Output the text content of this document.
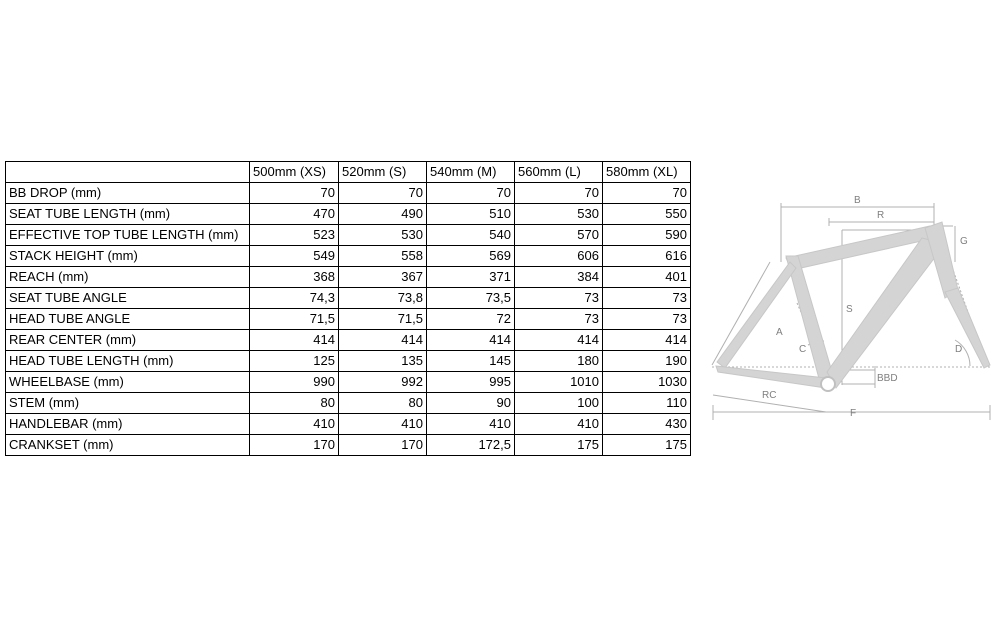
	500mm (XS)	520mm (S)	540mm (M)	560mm (L)	580mm (XL)
BB DROP (mm)	70	70	70	70	70
SEAT TUBE LENGTH (mm)	470	490	510	530	550
EFFECTIVE TOP TUBE LENGTH (mm)	523	530	540	570	590
STACK HEIGHT (mm)	549	558	569	606	616
REACH (mm)	368	367	371	384	401
SEAT TUBE ANGLE	74,3	73,8	73,5	73	73
HEAD TUBE ANGLE	71,5	71,5	72	73	73
REAR CENTER (mm)	414	414	414	414	414
HEAD TUBE LENGTH (mm)	125	135	145	180	190
WHEELBASE (mm)	990	992	995	1010	1030
STEM (mm)	80	80	90	100	110
HANDLEBAR (mm)	410	410	410	410	430
CRANKSET (mm)	170	170	172,5	175	175
B
R
G
S
A
C	D
BBD
RC
F
